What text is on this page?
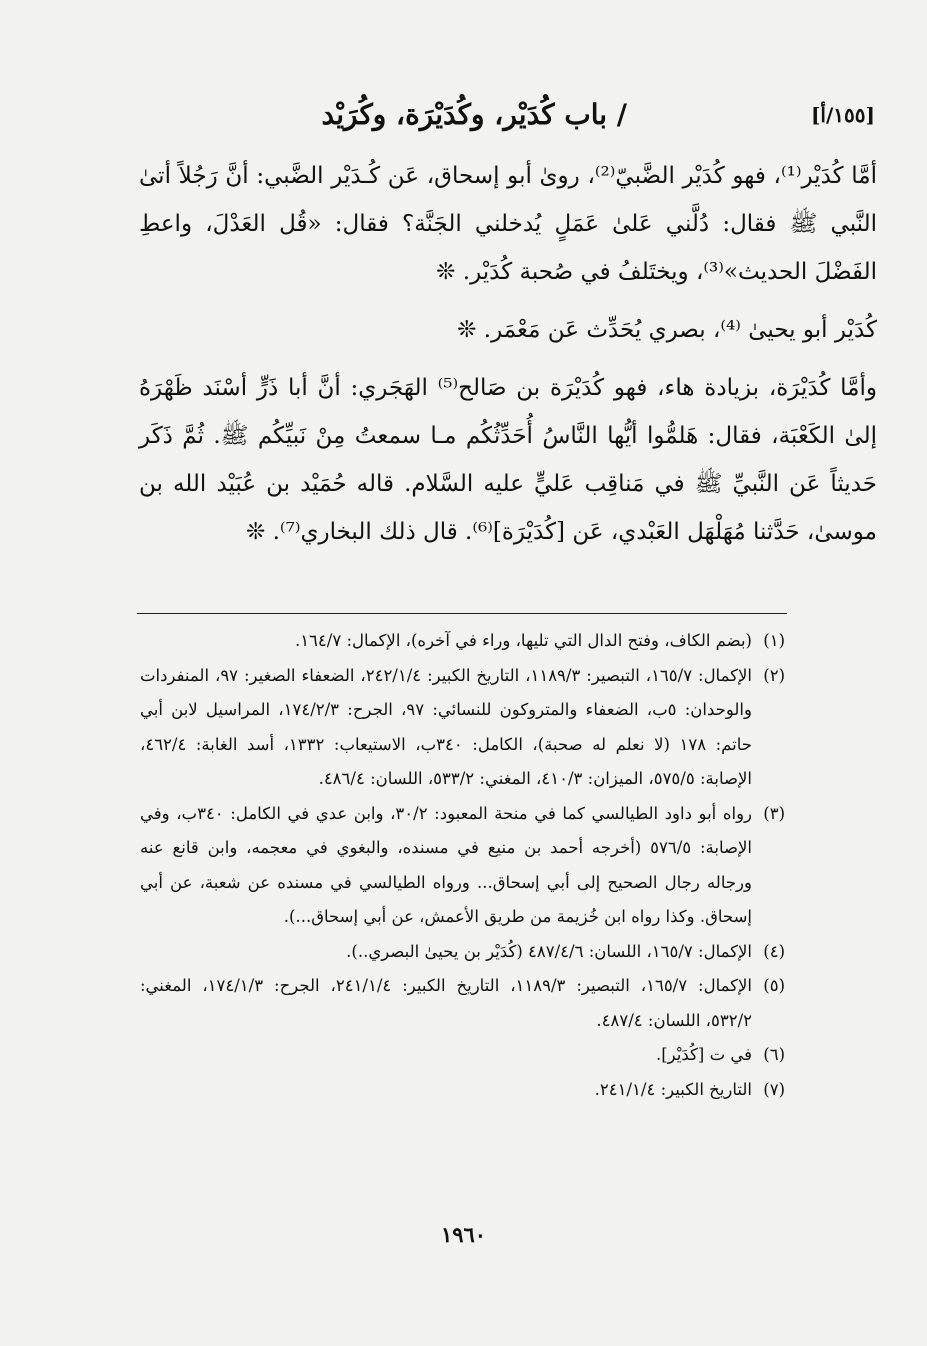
[١٥٥/أ]
/ باب كُدَيْر، وكُدَيْرَة، وكُرَيْد

أمَّا كُدَيْر⁽¹⁾، فهو كُدَيْر الضَّبيّ⁽²⁾، روىٰ أبو إسحاق، عَن كُـدَيْر الضَّبي: أنَّ رَجُلاً أتىٰ النَّبي ﷺ فقال: دُلَّني عَلىٰ عَمَلٍ يُدخلني الجَنَّة؟ فقال: «قُل العَدْلَ، واعطِ الفَضْلَ الحديث»⁽³⁾، ويختَلفُ في صُحبة كُدَيْر. ❊

كُدَيْر أبو يحيىٰ ⁽⁴⁾، بصري يُحَدِّث عَن مَعْمَر. ❊

وأمَّا كُدَيْرَة، بزيادة هاء، فهو كُدَيْرَة بن صَالح⁽⁵⁾ الهَجَري: أنَّ أبا ذَرٍّ أسْنَد ظَهْرَهُ إلىٰ الكَعْبَة، فقال: هَلمُّوا أيُّها النَّاسُ أُحَدِّثُكُم مـا سمعتُ مِنْ نَبيِّكُم ﷺ. ثُمَّ ذَكَر حَديثاً عَن النَّبيِّ ﷺ في مَناقِب عَليٍّ عليه السَّلام. قاله حُمَيْد بن عُبَيْد الله بن موسىٰ، حَدَّثنا مُهَلْهَل العَبْدي، عَن [كُدَيْرَة]⁽⁶⁾. قال ذلك البخاري⁽⁷⁾. ❊

(١)
(بضم الكاف، وفتح الدال التي تليها، وراء في آخره)، الإكمال: ١٦٤/٧.
(٢)
الإكمال: ١٦٥/٧، التبصير: ١١٨٩/٣، التاريخ الكبير: ٢٤٢/١/٤، الضعفاء الصغير: ٩٧، المنفردات والوحدان: ٥ب، الضعفاء والمتروكون للنسائي: ٩٧، الجرح: ١٧٤/٢/٣، المراسيل لابن أبي حاتم: ١٧٨ (لا نعلم له صحبة)، الكامل: ٣٤٠ب، الاستيعاب: ١٣٣٢، أسد الغابة: ٤٦٢/٤، الإصابة: ٥٧٥/٥، الميزان: ٤١٠/٣، المغني: ٥٣٣/٢، اللسان: ٤٨٦/٤.
(٣)
رواه أبو داود الطيالسي كما في منحة المعبود: ٣٠/٢، وابن عدي في الكامل: ٣٤٠ب، وفي الإصابة: ٥٧٦/٥ (أخرجه أحمد بن منيع في مسنده، والبغوي في معجمه، وابن قانع عنه ورجاله رجال الصحيح إلى أبي إسحاق... ورواه الطيالسي في مسنده عن شعبة، عن أبي إسحاق. وكذا رواه ابن خُزيمة من طريق الأعمش، عن أبي إسحاق...).
(٤)
الإكمال: ١٦٥/٧، اللسان: ٤٨٧/٤/٦ (كُدَيْر بن يحيىٰ البصري..).
(٥)
الإكمال: ١٦٥/٧، التبصير: ١١٨٩/٣، التاريخ الكبير: ٢٤١/١/٤، الجرح: ١٧٤/١/٣، المغني: ٥٣٢/٢، اللسان: ٤٨٧/٤.
(٦)
في ت [كُدَيْر].
(٧)
التاريخ الكبير: ٢٤١/١/٤.
١٩٦٠
